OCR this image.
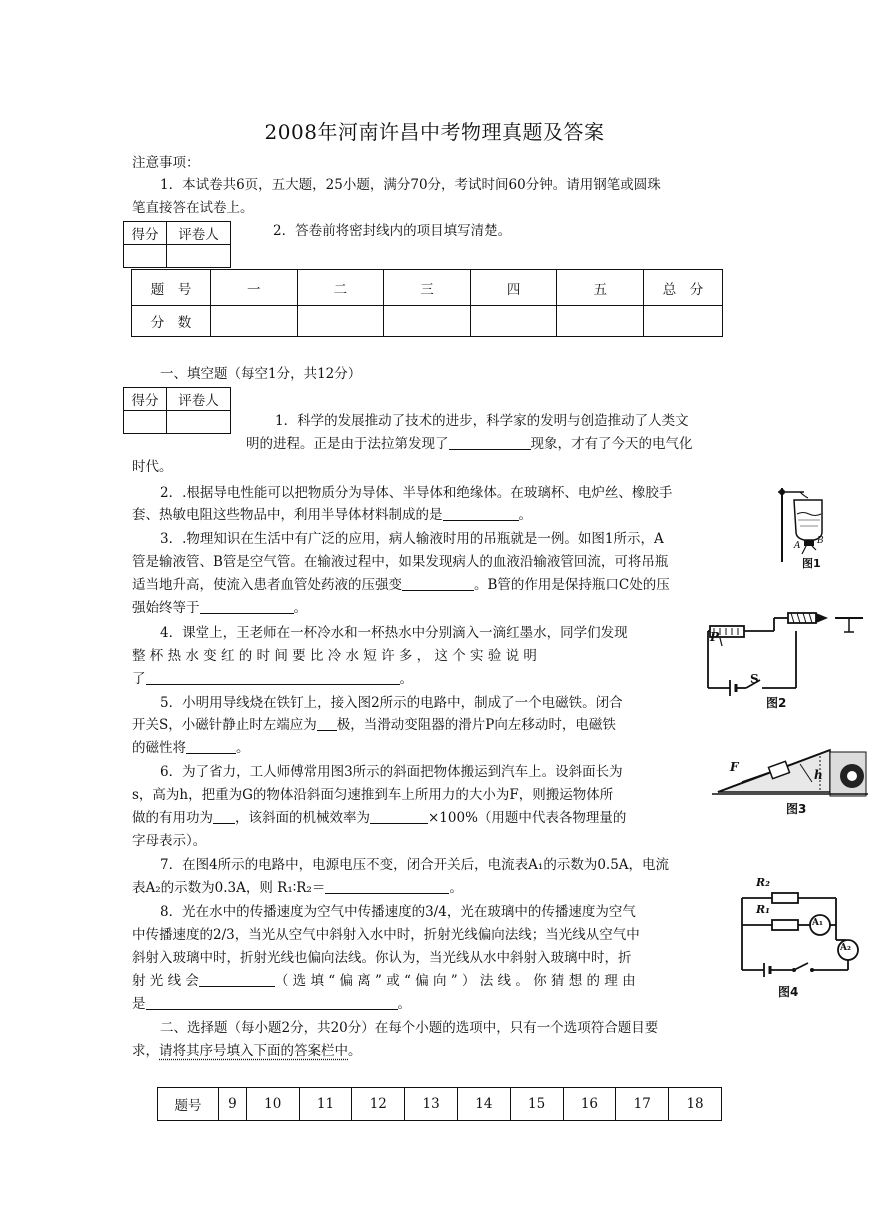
2008年河南许昌中考物理真题及答案
注意事项：
1．本试卷共6页，五大题，25小题，满分70分，考试时间60分钟。请用钢笔或圆珠
笔直接答在试卷上。
得分	评卷人
		2．答卷前将密封线内的项目填写清楚。
题　号	一	二	三	四	五	总　分
分　数						
一、填空题（每空1分，共12分）
得分	评卷人

1．科学的发展推动了技术的进步，科学家的发明与创造推动了人类文
明的进程。正是由于法拉第发现了	现象，才有了今天的电气化
时代。
2．.根据导电性能可以把物质分为导体、半导体和绝缘体。在玻璃杯、电炉丝、橡胶手
套、热敏电阻这些物品中，利用半导体材料制成的是	。
3．.物理知识在生活中有广泛的应用，病人输液时用的吊瓶就是一例。如图1所示，A
管是输液管、B管是空气管。在输液过程中，如果发现病人的血液沿输液管回流，可将吊瓶
适当地升高，使流入患者血管处药液的压强变	。B管的作用是保持瓶口C处的压
强始终等于	。
4．课堂上，王老师在一杯冷水和一杯热水中分别滴入一滴红墨水，同学们发现
整 杯 热 水 变 红 的 时 间 要 比 冷 水 短 许 多 ， 这 个 实 验 说 明
了	。
5．小明用导线烧在铁钉上，接入图2所示的电路中，制成了一个电磁铁。闭合
开关S，小磁针静止时左端应为 极，当滑动变阻器的滑片P向左移动时，电磁铁
的磁性将	。
6．为了省力，工人师傅常用图3所示的斜面把物体搬运到汽车上。设斜面长为
s，高为h，把重为G的物体沿斜面匀速推到车上所用力的大小为F，则搬运物体所
做的有用功为 ，该斜面的机械效率为	×100%（用题中代表各物理量的
字母表示）。
7．在图4所示的电路中，电源电压不变，闭合开关后，电流表A₁的示数为0.5A，电流
表A₂的示数为0.3A，则 R₁∶R₂＝	。
8．光在水中的传播速度为空气中传播速度的3/4，光在玻璃中的传播速度为空气
中传播速度的2/3，当光从空气中斜射入水中时，折射光线偏向法线；当光线从空气中
斜射入玻璃中时，折射光线也偏向法线。你认为，当光线从水中斜射入玻璃中时，折
射 光 线 会	（ 选 填 “ 偏 离 ” 或 “ 偏 向 ” ） 法 线 。 你 猜 想 的 理 由
是	。
二、选择题（每小题2分，共20分）在每个小题的选项中，只有一个选项符合题目要
求，请将其序号填入下面的答案栏中。
题号	9	10	11	12	13	14	15	16	17	18
A B
图1
P
S
图2
F
h
图3
R₂
R₁
A₁
A₂
图4
